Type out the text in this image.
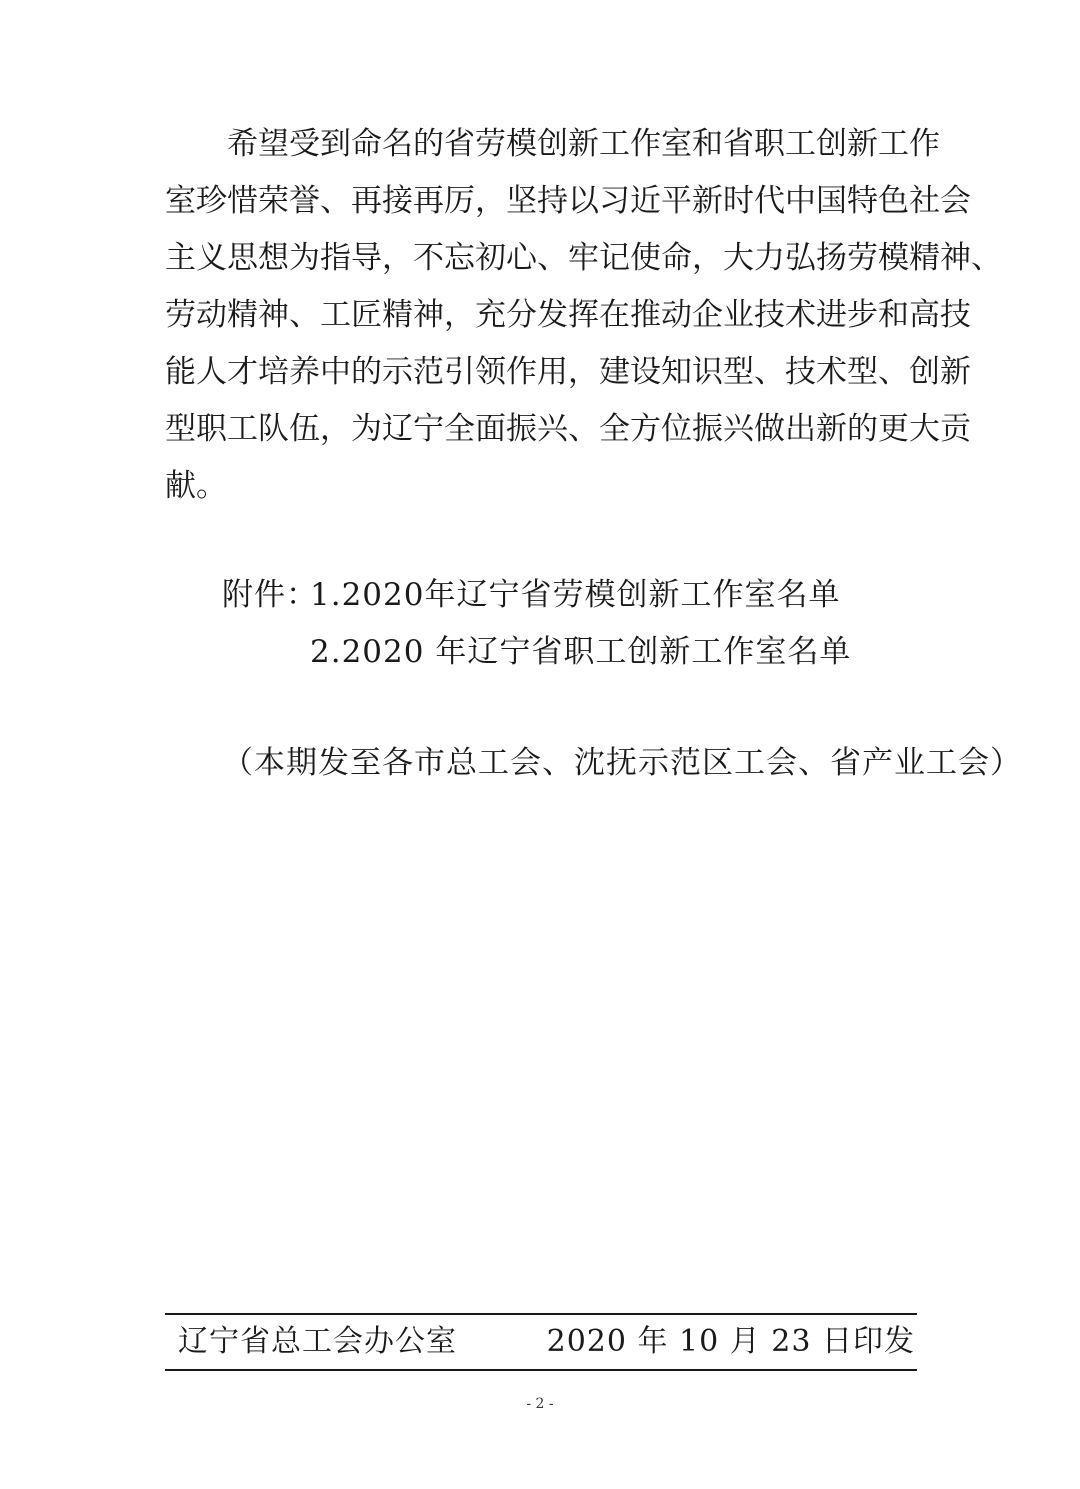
　　希望受到命名的省劳模创新工作室和省职工创新工作
室珍惜荣誉、再接再厉，坚持以习近平新时代中国特色社会
主义思想为指导，不忘初心、牢记使命，大力弘扬劳模精神、
劳动精神、工匠精神，充分发挥在推动企业技术进步和高技
能人才培养中的示范引领作用，建设知识型、技术型、创新
型职工队伍，为辽宁全面振兴、全方位振兴做出新的更大贡
献。
附件：
1.2020年辽宁省劳模创新工作室名单
2.2020 年辽宁省职工创新工作室名单
（本期发至各市总工会、沈抚示范区工会、省产业工会）
辽宁省总工会办公室	2020 年 10 月 23 日印发
- 2 -
